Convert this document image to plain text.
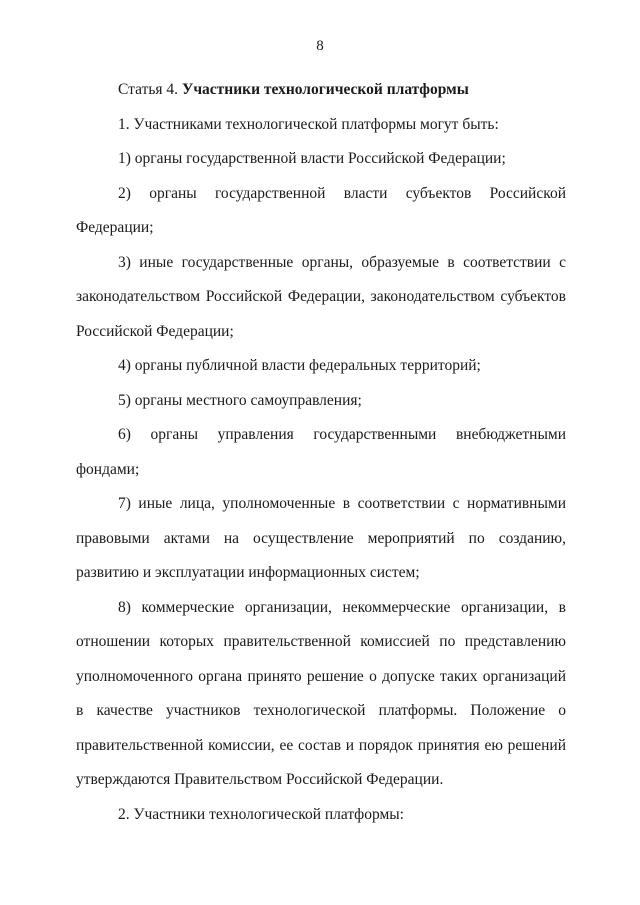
8

Статья 4. Участники технологической платформы

1. Участниками технологической платформы могут быть:

1) органы государственной власти Российской Федерации;

2) органы государственной власти субъектов Российской Федерации;

3) иные государственные органы, образуемые в соответствии с законодательством Российской Федерации, законодательством субъектов Российской Федерации;

4) органы публичной власти федеральных территорий;

5) органы местного самоуправления;

6) органы управления государственными внебюджетными фондами;

7) иные лица, уполномоченные в соответствии с нормативными правовыми актами на осуществление мероприятий по созданию, развитию и эксплуатации информационных систем;

8) коммерческие организации, некоммерческие организации, в отношении которых правительственной комиссией по представлению уполномоченного органа принято решение о допуске таких организаций в качестве участников технологической платформы. Положение о правительственной комиссии, ее состав и порядок принятия ею решений утверждаются Правительством Российской Федерации.

2. Участники технологической платформы:
